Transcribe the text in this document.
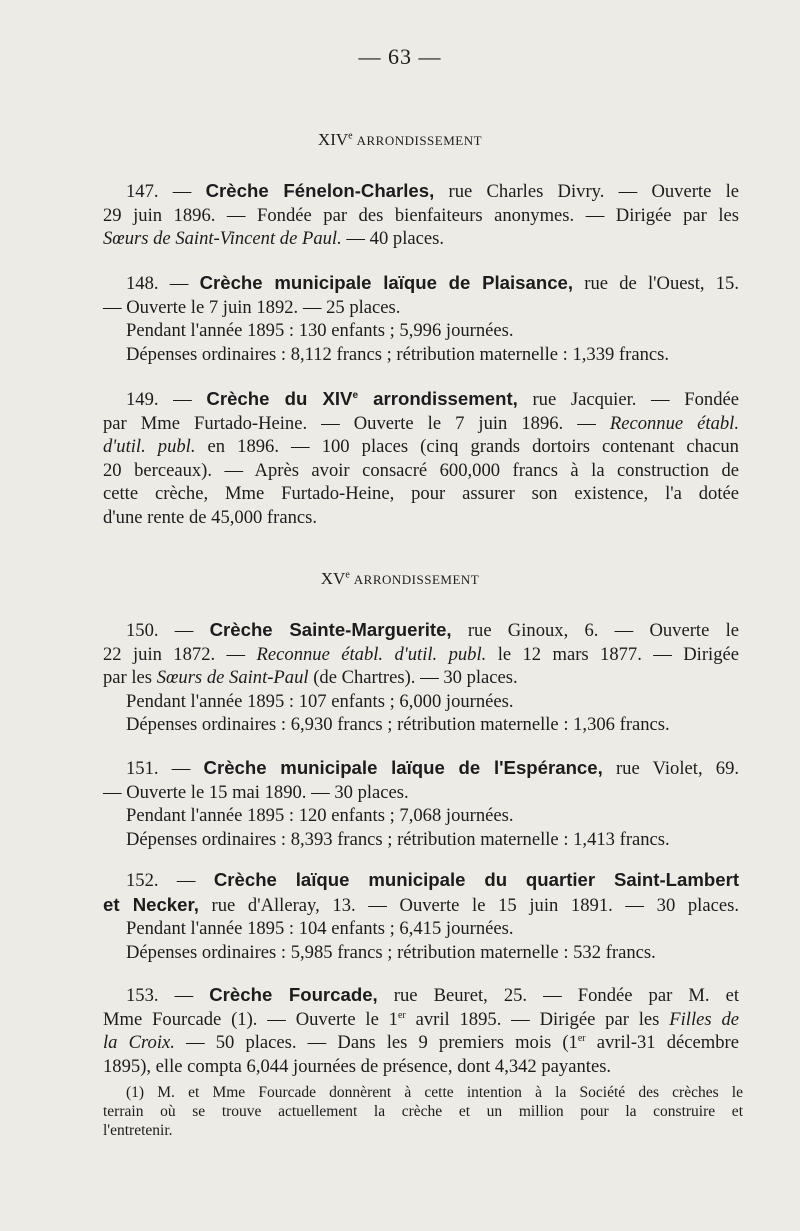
— 63 —
XIVe ARRONDISSEMENT
147. — Crèche Fénelon-Charles, rue Charles Divry. — Ouverte le
29 juin 1896. — Fondée par des bienfaiteurs anonymes. — Dirigée par les
Sœurs de Saint-Vincent de Paul. — 40 places.
148. — Crèche municipale laïque de Plaisance, rue de l'Ouest, 15.
— Ouverte le 7 juin 1892. — 25 places.
Pendant l'année 1895 : 130 enfants ; 5,996 journées.
Dépenses ordinaires : 8,112 francs ; rétribution maternelle : 1,339 francs.
149. — Crèche du XIVe arrondissement, rue Jacquier. — Fondée
par Mme Furtado-Heine. — Ouverte le 7 juin 1896. — Reconnue établ.
d'util. publ. en 1896. — 100 places (cinq grands dortoirs contenant chacun
20 berceaux). — Après avoir consacré 600,000 francs à la construction de
cette crèche, Mme Furtado-Heine, pour assurer son existence, l'a dotée
d'une rente de 45,000 francs.
XVe ARRONDISSEMENT
150. — Crèche Sainte-Marguerite, rue Ginoux, 6. — Ouverte le
22 juin 1872. — Reconnue établ. d'util. publ. le 12 mars 1877. — Dirigée
par les Sœurs de Saint-Paul (de Chartres). — 30 places.
Pendant l'année 1895 : 107 enfants ; 6,000 journées.
Dépenses ordinaires : 6,930 francs ; rétribution maternelle : 1,306 francs.
151. — Crèche municipale laïque de l'Espérance, rue Violet, 69.
— Ouverte le 15 mai 1890. — 30 places.
Pendant l'année 1895 : 120 enfants ; 7,068 journées.
Dépenses ordinaires : 8,393 francs ; rétribution maternelle : 1,413 francs.
152. — Crèche laïque municipale du quartier Saint-Lambert
et Necker, rue d'Alleray, 13. — Ouverte le 15 juin 1891. — 30 places.
Pendant l'année 1895 : 104 enfants ; 6,415 journées.
Dépenses ordinaires : 5,985 francs ; rétribution maternelle : 532 francs.
153. — Crèche Fourcade, rue Beuret, 25. — Fondée par M. et
Mme Fourcade (1). — Ouverte le 1er avril 1895. — Dirigée par les Filles de
la Croix. — 50 places. — Dans les 9 premiers mois (1er avril-31 décembre
1895), elle compta 6,044 journées de présence, dont 4,342 payantes.
(1) M. et Mme Fourcade donnèrent à cette intention à la Société des crèches le
terrain où se trouve actuellement la crèche et un million pour la construire et
l'entretenir.
